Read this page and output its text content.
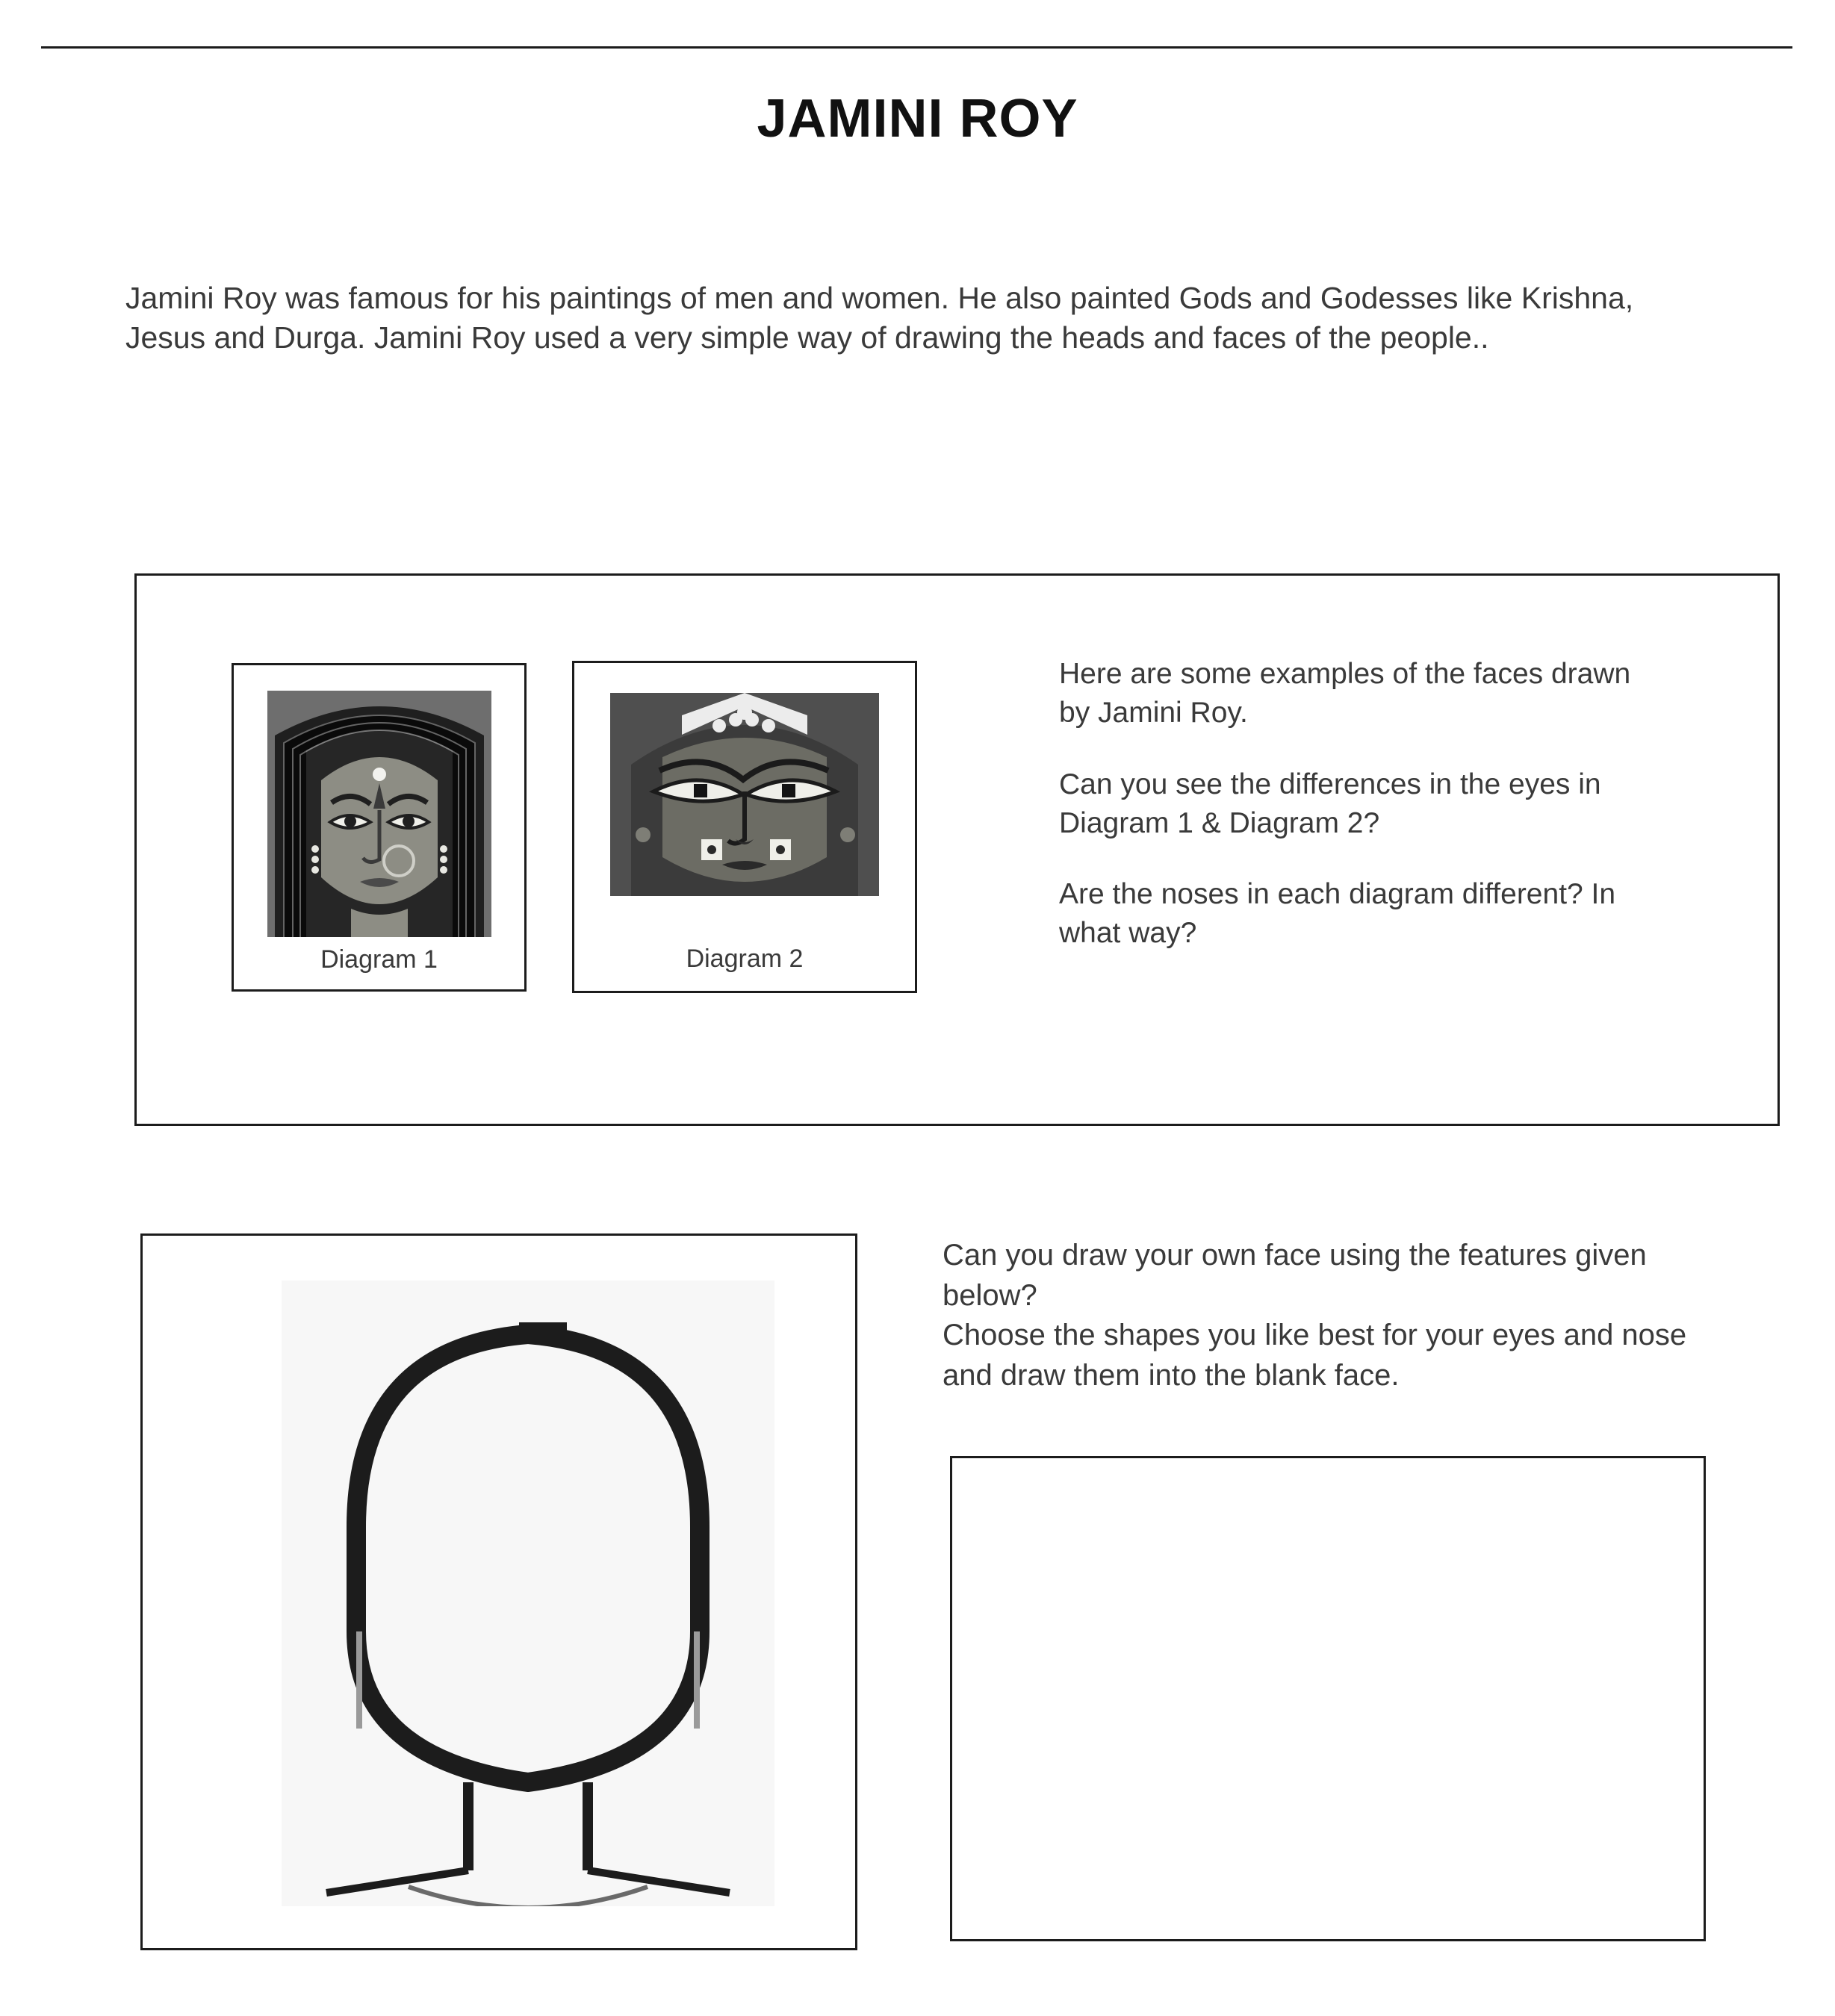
JAMINI ROY
Jamini Roy was famous for his paintings of men and women. He also painted Gods and Godesses like Krishna, Jesus and Durga. Jamini Roy used a very simple way of drawing the heads and faces of the people..
Diagram 1	Diagram 2

Here are some examples of the faces drawn by Jamini Roy.

Can you see the differences in the eyes in Diagram 1 & Diagram 2?

Are the noses in each diagram different? In what way?

Can you draw your own face using the features given below?
Choose the shapes you like best for your eyes and nose and draw them into the blank face.
